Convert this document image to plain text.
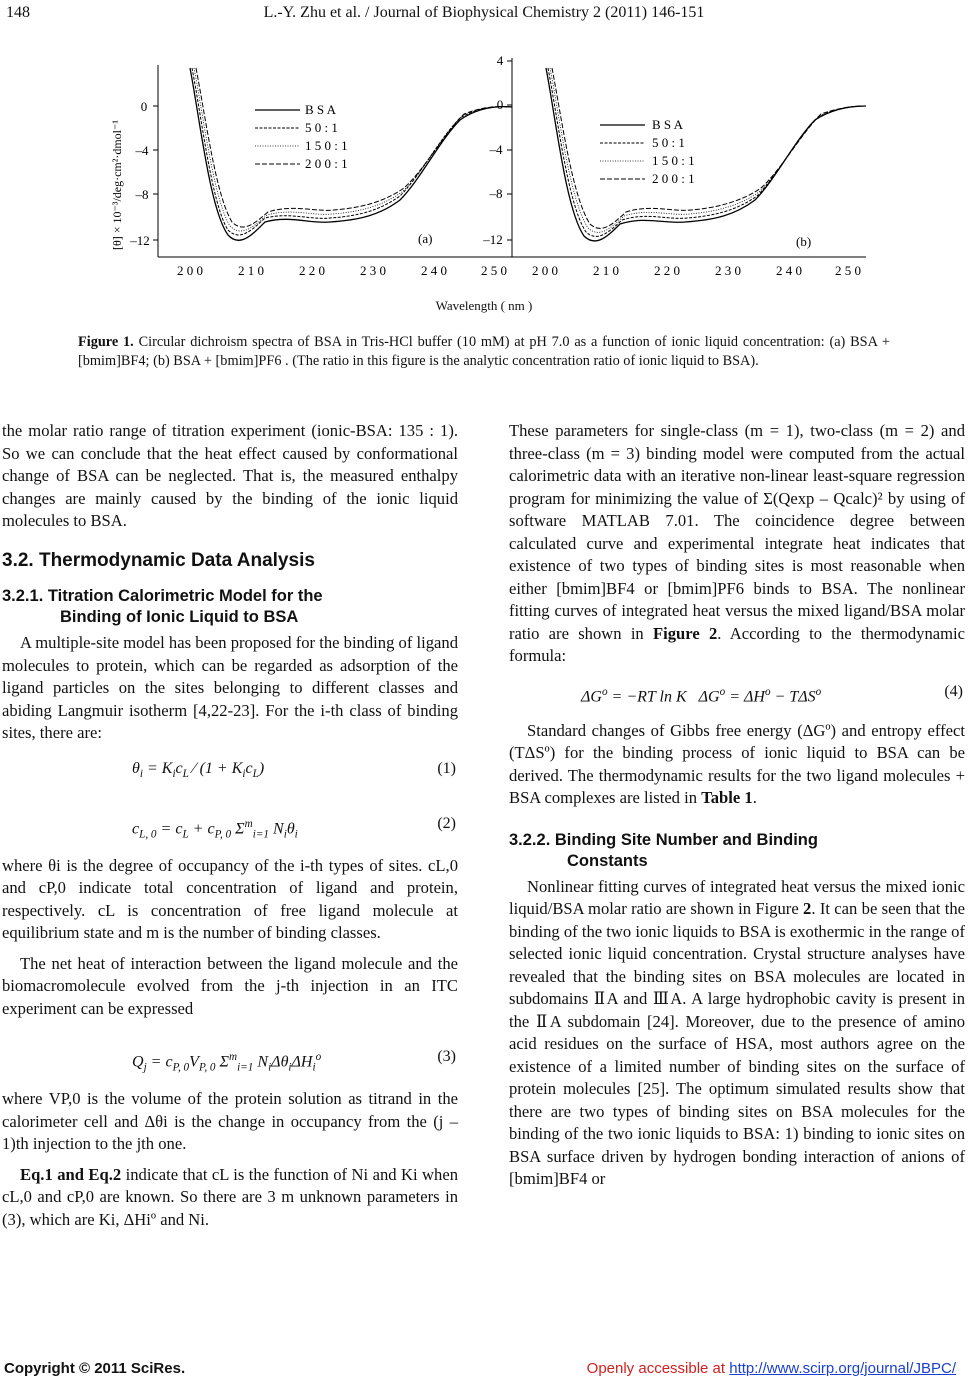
148	L.-Y. Zhu et al. / Journal of Biophysical Chemistry 2 (2011) 146-151
[θ] × 10⁻³/deg·cm²·dmol⁻¹
0
–4
–8
–12
2 0 0	2 1 0	2 2 0	2 3 0	2 4 0	2 5 0
B S A
5 0 : 1
1 5 0 : 1
2 0 0 : 1
(a)
4
0
–4
–8
–12
2 0 0	2 1 0	2 2 0	2 3 0	2 4 0	2 5 0
B S A
5 0 : 1
1 5 0 : 1
2 0 0 : 1
(b)
Wavelength ( nm )
Figure 1. Circular dichroism spectra of BSA in Tris-HCl buffer (10 mM) at pH 7.0 as a function of ionic liquid concentration: (a) BSA + [bmim]BF4; (b) BSA + [bmim]PF6 . (The ratio in this figure is the analytic concentration ratio of ionic liquid to BSA).

the molar ratio range of titration experiment (ionic-BSA: 135 : 1). So we can conclude that the heat effect caused by conformational change of BSA can be neglected. That is, the measured enthalpy changes are mainly caused by the binding of the ionic liquid molecules to BSA.

3.2. Thermodynamic Data Analysis

3.2.1. Titration Calorimetric Model for the
Binding of Ionic Liquid to BSA

A multiple-site model has been proposed for the binding of ligand molecules to protein, which can be regarded as adsorption of the ligand particles on the sites belonging to different classes and abiding Langmuir isotherm [4,22-23]. For the i-th class of binding sites, there are:

$\theta_i = K_ic_L$ ⁄ $(1 + K_ic_L)$	(1)
$c_{L, 0} = c_L + c_{P, 0}$ $\Sigma^m_{i=1}$ $N_i\theta_i$
(2)

where θi is the degree of occupancy of the i-th types of sites. cL,0 and cP,0 indicate total concentration of ligand and protein, respectively. cL is concentration of free ligand molecule at equilibrium state and m is the number of binding classes.

The net heat of interaction between the ligand molecule and the biomacromolecule evolved from the j-th injection in an ITC experiment can be expressed

$Q_j = c_{P, 0}V_{P, 0}$ $\Sigma^m_{i=1}$ $N_i\Delta\theta_i\Delta H_i^o$	(3)

where VP,0 is the volume of the protein solution as titrand in the calorimeter cell and Δθi is the change in occupancy from the (j – 1)th injection to the jth one.

Eq.1 and Eq.2 indicate that cL is the function of Ni and Ki when cL,0 and cP,0 are known. So there are 3 m unknown parameters in (3), which are Ki, ΔHiº and Ni.

These parameters for single-class (m = 1), two-class (m = 2) and three-class (m = 3) binding model were computed from the actual calorimetric data with an iterative non-linear least-square regression program for minimizing the value of Σ(Qexp – Qcalc)² by using of software MATLAB 7.01. The coincidence degree between calculated curve and experimental integrate heat indicates that existence of two types of binding sites is most reasonable when either [bmim]BF4 or [bmim]PF6 binds to BSA. The nonlinear fitting curves of integrated heat versus the mixed ligand/BSA molar ratio are shown in Figure 2. According to the thermodynamic formula:

$\Delta G^o = -RT$ ln K   $\Delta G^o = \Delta H^o - T\Delta S^o$	(4)

Standard changes of Gibbs free energy (ΔGº) and entropy effect (TΔSº) for the binding process of ionic liquid to BSA can be derived. The thermodynamic results for the two ligand molecules + BSA complexes are listed in Table 1.

3.2.2. Binding Site Number and Binding
Constants

Nonlinear fitting curves of integrated heat versus the mixed ionic liquid/BSA molar ratio are shown in Figure 2. It can be seen that the binding of the two ionic liquids to BSA is exothermic in the range of selected ionic liquid concentration. Crystal structure analyses have revealed that the binding sites on BSA molecules are located in subdomains ⅡA and ⅢA. A large hydrophobic cavity is present in the ⅡA subdomain [24]. Moreover, due to the presence of amino acid residues on the surface of HSA, most authors agree on the existence of a limited number of binding sites on the surface of protein molecules [25]. The optimum simulated results show that there are two types of binding sites on BSA molecules for the binding of the two ionic liquids to BSA: 1) binding to ionic sites on BSA surface driven by hydrogen bonding interaction of anions of [bmim]BF4 or

Copyright © 2011 SciRes.	Openly accessible at http://www.scirp.org/journal/JBPC/
